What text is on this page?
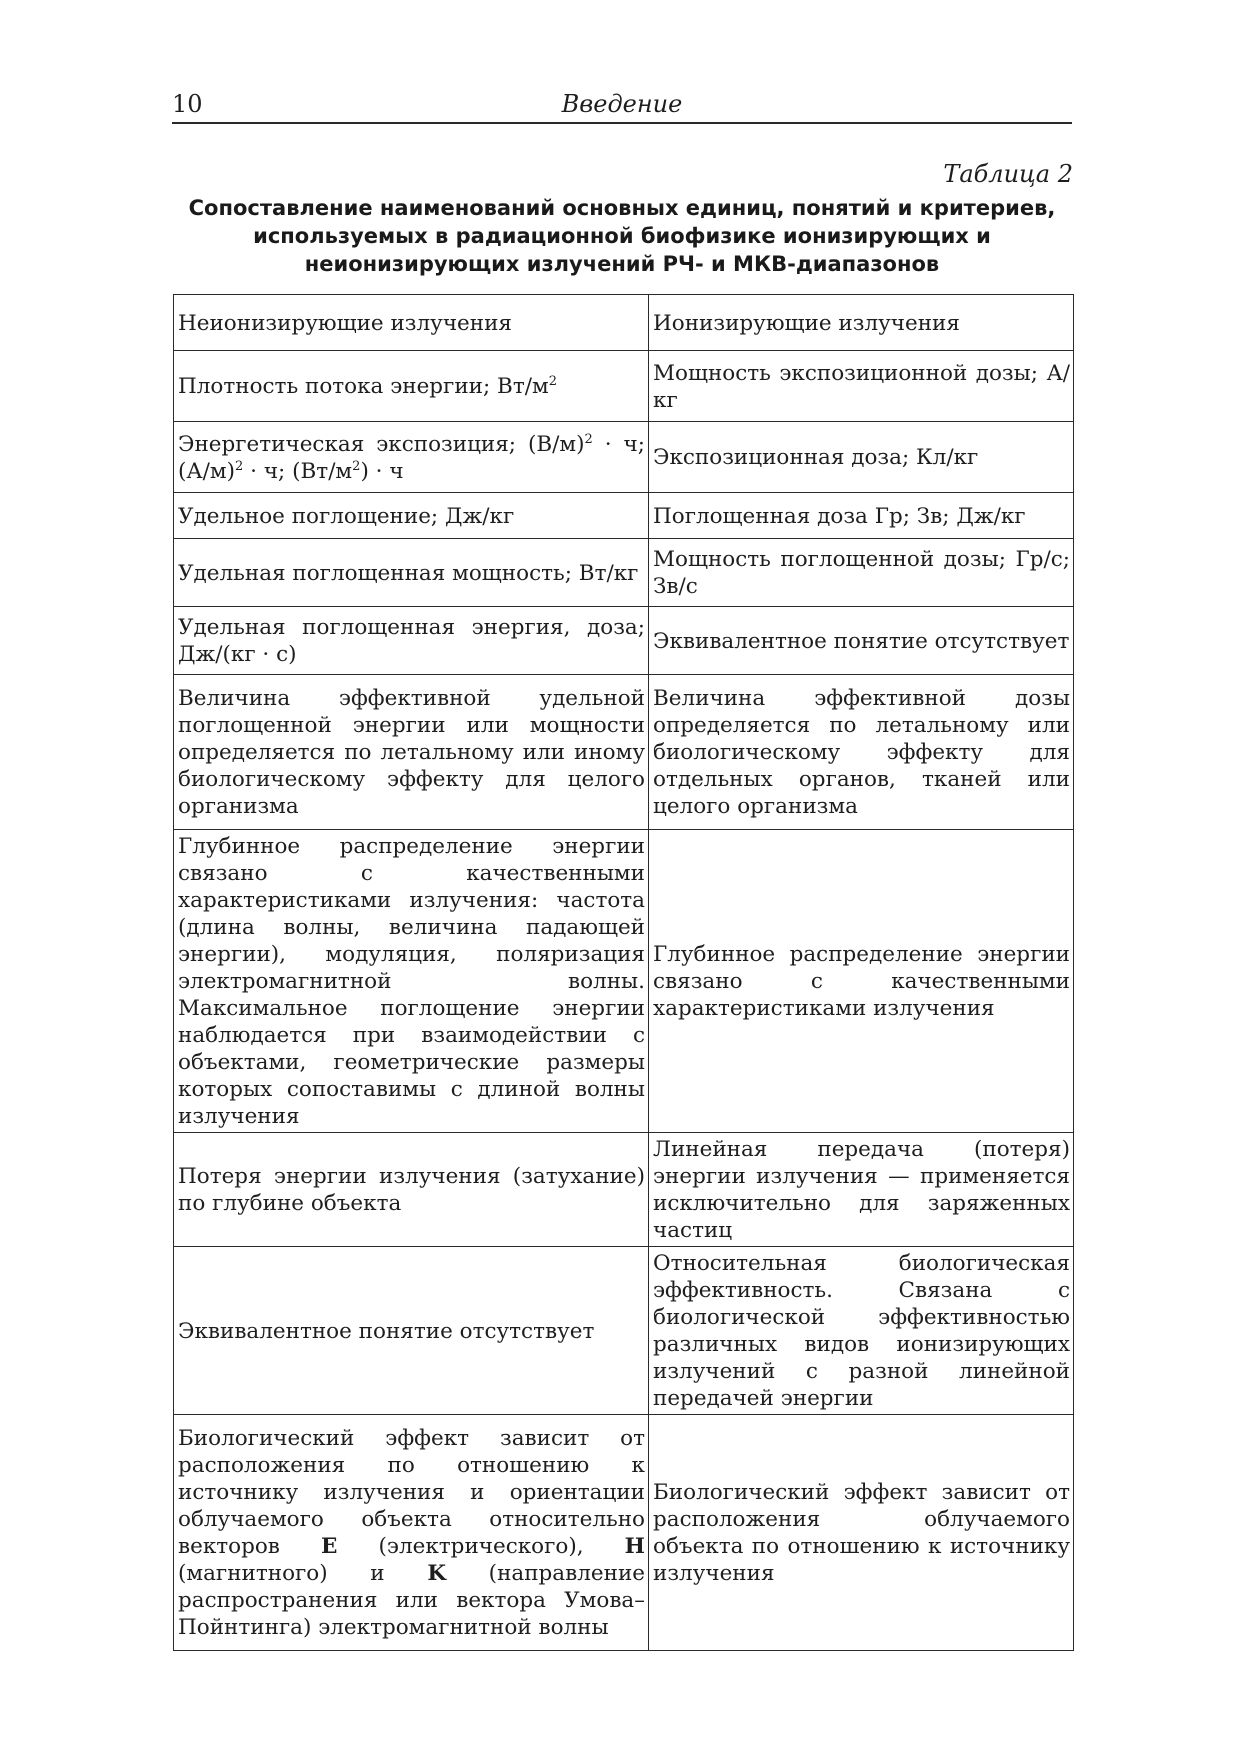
10	Введение
Таблица 2
Сопоставление наименований основных единиц, понятий и критериев,
используемых в радиационной биофизике ионизирующих и
неионизирующих излучений РЧ- и МКВ-диапазонов
Неионизирующие излучения	Ионизирующие излучения
Плотность потока энергии; $Вт/м^2$	Мощность экспозиционной дозы; А/кг
Энергетическая экспозиция; $(В/м)^2 \cdot ч$; $(А/м)^2 \cdot ч$; $(Вт/м^2) \cdot ч$	Экспозиционная доза; Кл/кг
Удельное поглощение; Дж/кг	Поглощенная доза Гр; Зв; Дж/кг
Удельная поглощенная мощность; Вт/кг	Мощность поглощенной дозы; Гр/с; Зв/с
Удельная поглощенная энергия, доза; Дж/(кг · с)	Эквивалентное понятие отсутствует
Величина эффективной удельной поглощенной энергии или мощности определяется по летальному или иному биологическому эффекту для целого организма	Величина эффективной дозы определяется по летальному или биологическому эффекту для отдельных органов, тканей или целого организма
Глубинное распределение энергии связано с качественными характеристиками излучения: частота (длина волны, величина падающей энергии), модуляция, поляризация электромагнитной волны. Максимальное поглощение энергии наблюдается при взаимодействии с объектами, геометрические размеры которых сопоставимы с длиной волны излучения	Глубинное распределение энергии связано с качественными характеристиками излучения
Потеря энергии излучения (затухание) по глубине объекта	Линейная передача (потеря) энергии излучения — применяется исключительно для заряженных частиц
Эквивалентное понятие отсутствует	Относительная биологическая эффективность. Связана с биологической эффективностью различных видов ионизирующих излучений с разной линейной передачей энергии
Биологический эффект зависит от расположения по отношению к источнику излучения и ориентации облучаемого объекта относительно векторов E (электрического), H (магнитного) и K (направление распространения или вектора Умова–Пойнтинга) электромагнитной волны	Биологический эффект зависит от расположения облучаемого объекта по отношению к источнику излучения
